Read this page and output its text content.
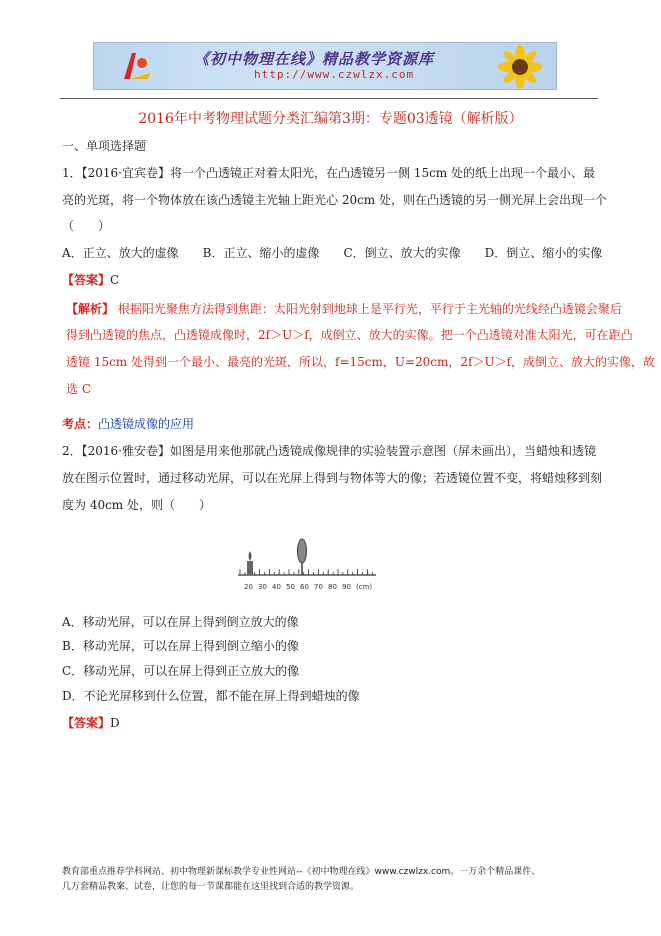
《初中物理在线》精品教学资源库
http://www.czwlzx.com
2016年中考物理试题分类汇编第3期：专题03透镜（解析版）
一、单项选择题
1．【2016·宜宾卷】将一个凸透镜正对着太阳光，在凸透镜另一侧 15cm 处的纸上出现一个最小、最
亮的光斑，将一个物体放在该凸透镜主光轴上距光心 20cm 处，则在凸透镜的另一侧光屏上会出现一个
（　　）
A．正立、放大的虚像　　B．正立、缩小的虚像　　C．倒立、放大的实像　　D．倒立、缩小的实像
【答案】C
【解析】 根据阳光聚焦方法得到焦距：太阳光射到地球上是平行光，平行于主光轴的光线经凸透镜会聚后
得到凸透镜的焦点，凸透镜成像时，2f＞U＞f，成倒立、放大的实像。把一个凸透镜对准太阳光，可在距凸
透镜 15cm 处得到一个最小、最亮的光斑，所以，f=15cm，U=20cm，2f＞U＞f，成倒立、放大的实像，故
选 C
考点：凸透镜成像的应用
2．【2016·雅安卷】如图是用来他那就凸透镜成像规律的实验装置示意图（屏未画出），当蜡烛和透镜
放在图示位置时，通过移动光屏，可以在光屏上得到与物体等大的像；若透镜位置不变，将蜡烛移到刻
度为 40cm 处，则（　　）
20 30 40 50 60 70 80 90 (cm)
A．移动光屏，可以在屏上得到倒立放大的像
B．移动光屏，可以在屏上得到倒立缩小的像
C．移动光屏，可以在屏上得到正立放大的像
D．不论光屏移到什么位置，都不能在屏上得到蜡烛的像
【答案】D
教育部重点推荐学科网站、初中物理新课标教学专业性网站--《初中物理在线》www.czwlzx.com。一万余个精品课件、
几万套精品教案、试卷，让您的每一节课都能在这里找到合适的教学资源。
